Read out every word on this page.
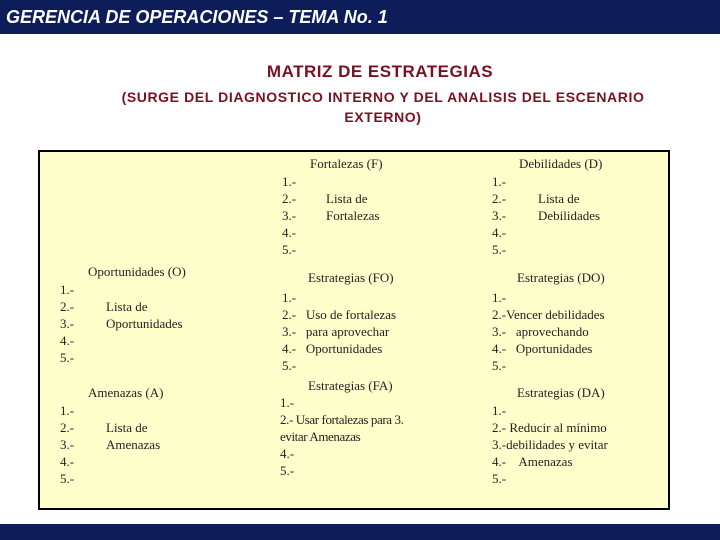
GERENCIA DE OPERACIONES – TEMA No. 1
MATRIZ DE ESTRATEGIAS
(SURGE DEL DIAGNOSTICO INTERNO Y DEL ANALISIS DEL ESCENARIO EXTERNO)
Fortalezas (F)
1.-
2.-
3.-
4.-
5.-
Lista de
Fortalezas
Debilidades (D)
1.-
2.-
3.-
4.-
5.-
Lista de
Debilidades
Oportunidades (O)
1.-
2.-
3.-
4.-
5.-
Lista de
Oportunidades
Estrategias (FO)
1.-
2.-   Uso de fortalezas
3.-   para aprovechar
4.-   Oportunidades
5.-
Estrategias (DO)
1.-
2.-Vencer debilidades
3.-   aprovechando
4.-   Oportunidades
5.-
Amenazas (A)
1.-
2.-
3.-
4.-
5.-
Lista de
Amenazas
Estrategias (FA)
1.-
2.- Usar fortalezas para 3. evitar Amenazas
4.-
5.-
Estrategias (DA)
1.-
2.- Reducir al mínimo
3.-debilidades y evitar
4.-    Amenazas
5.-
